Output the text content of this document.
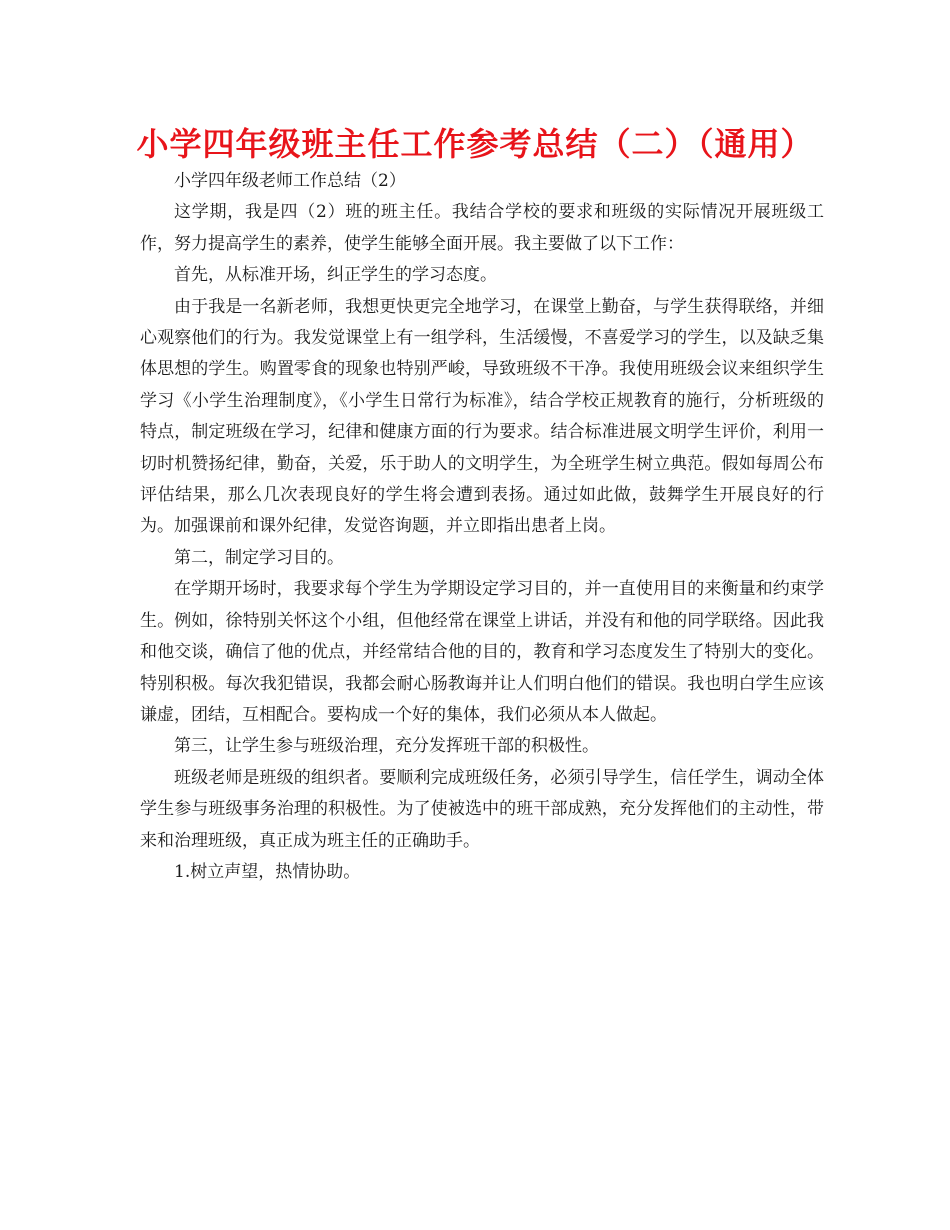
小学四年级班主任工作参考总结（二）（通用）

小学四年级老师工作总结（2）

这学期，我是四（2）班的班主任。我结合学校的要求和班级的实际情况开展班级工作，努力提高学生的素养，使学生能够全面开展。我主要做了以下工作：

首先，从标准开场，纠正学生的学习态度。

由于我是一名新老师，我想更快更完全地学习，在课堂上勤奋，与学生获得联络，并细心观察他们的行为。我发觉课堂上有一组学科，生活缓慢，不喜爱学习的学生，以及缺乏集体思想的学生。购置零食的现象也特别严峻，导致班级不干净。我使用班级会议来组织学生学习《小学生治理制度》，《小学生日常行为标准》，结合学校正规教育的施行，分析班级的特点，制定班级在学习，纪律和健康方面的行为要求。结合标准进展文明学生评价，利用一切时机赞扬纪律，勤奋，关爱，乐于助人的文明学生，为全班学生树立典范。假如每周公布评估结果，那么几次表现良好的学生将会遭到表扬。通过如此做，鼓舞学生开展良好的行为。加强课前和课外纪律，发觉咨询题，并立即指出患者上岗。

第二，制定学习目的。

在学期开场时，我要求每个学生为学期设定学习目的，并一直使用目的来衡量和约束学生。例如，徐特别关怀这个小组，但他经常在课堂上讲话，并没有和他的同学联络。因此我和他交谈，确信了他的优点，并经常结合他的目的，教育和学习态度发生了特别大的变化。特别积极。每次我犯错误，我都会耐心肠教诲并让人们明白他们的错误。我也明白学生应该谦虚，团结，互相配合。要构成一个好的集体，我们必须从本人做起。

第三，让学生参与班级治理，充分发挥班干部的积极性。

班级老师是班级的组织者。要顺利完成班级任务，必须引导学生，信任学生，调动全体学生参与班级事务治理的积极性。为了使被选中的班干部成熟，充分发挥他们的主动性，带来和治理班级，真正成为班主任的正确助手。

1.树立声望，热情协助。
